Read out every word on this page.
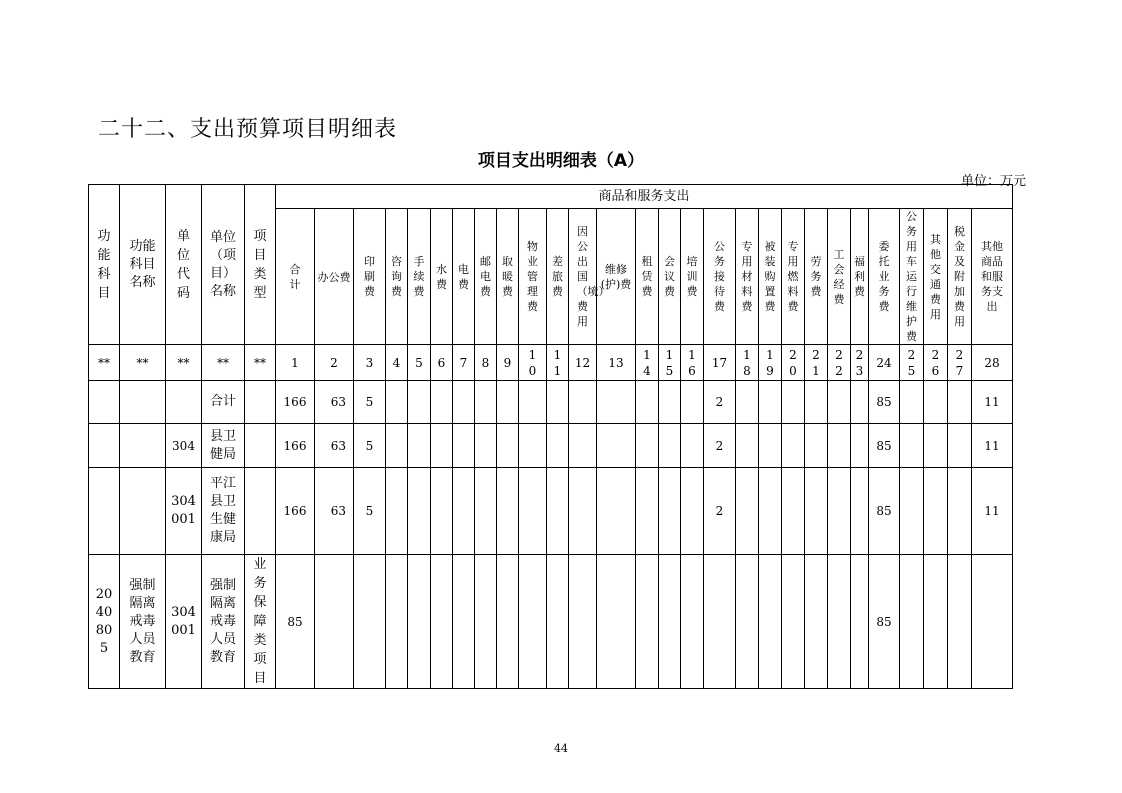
二十二、支出预算项目明细表
项目支出明细表（A）
单位：万元
功能科目	功能科目名称	单位代码	单位（项目）名称	项目类型	商品和服务支出																											
					合计	办公费	印刷费	咨询费	手续费	水费	电费	邮电费	取暖费	物业管理费	差旅费	因公出国（境）费用	维修(护)费	租赁费	会议费	培训费	公务接待费	专用材料费	被装购置费	专用燃料费	劳务费	工会经费	福利费	委托业务费	公务用车运行维护费	其他交通费用	税金及附加费用	其他商品和服务支出
**	**	**	**	**	1	2	3	4	5	6	7	8	9	10	11	12	13	14	15	16	17	18	19	20	21	22	23	24	25	26	27	28
			合计		166	63	5														2							85				11
		304	县卫健局		166	63	5														2							85				11
		304001	平江县卫生健康局		166	63	5														2							85				11
2040805	强制隔离戒毒人员教育	304001	强制隔离戒毒人员教育	业务保障类项目	85																							85				
44
